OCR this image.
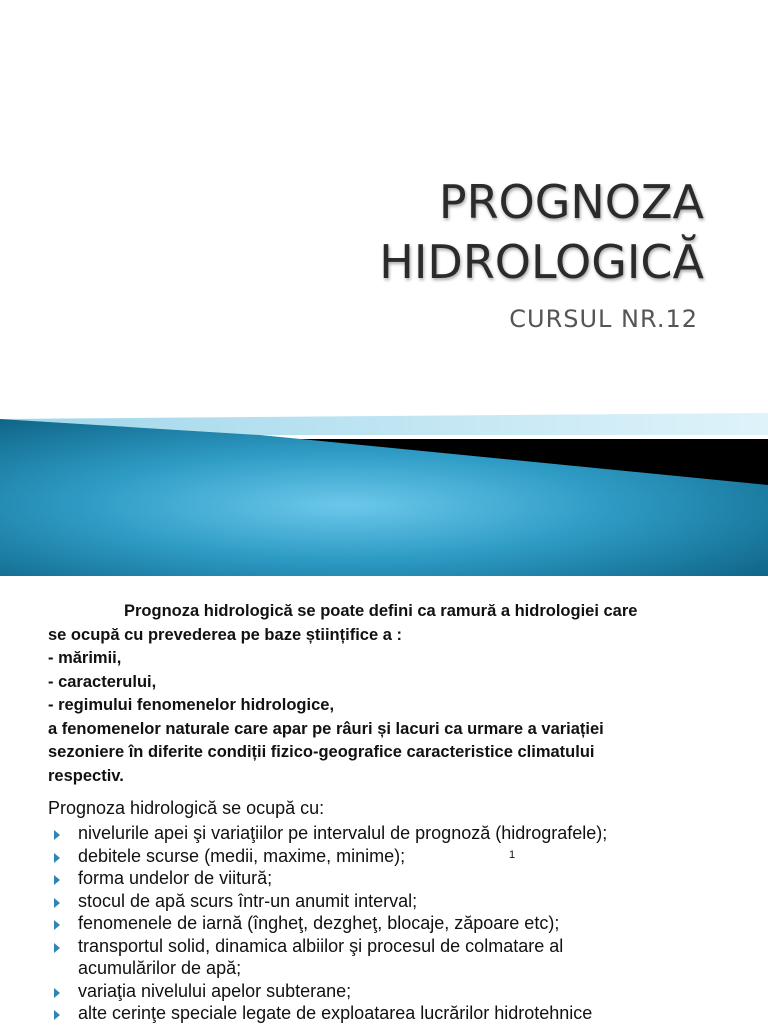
PROGNOZA
HIDROLOGICĂ
CURSUL NR.12
Prognoza hidrologică se poate defini ca ramură a hidrologiei care
se ocupă cu prevederea pe baze științifice a :
- mărimii,
- caracterului,
- regimului fenomenelor hidrologice,
a fenomenelor naturale care apar pe râuri și lacuri ca urmare a variației
sezoniere în diferite condiții fizico-geografice caracteristice climatului
respectiv.
Prognoza hidrologică se ocupă cu:
nivelurile apei şi variaţiilor pe intervalul de prognoză (hidrografele);
debitele scurse (medii, maxime, minime);
forma undelor de viitură;
stocul de apă scurs într-un anumit interval;
fenomenele de iarnă (îngheţ, dezgheţ, blocaje, zăpoare etc);
transportul solid, dinamica albiilor şi procesul de colmatare al
acumulărilor de apă;
variaţia nivelului apelor subterane;
alte cerinţe speciale legate de exploatarea lucrărilor hidrotehnice
1
